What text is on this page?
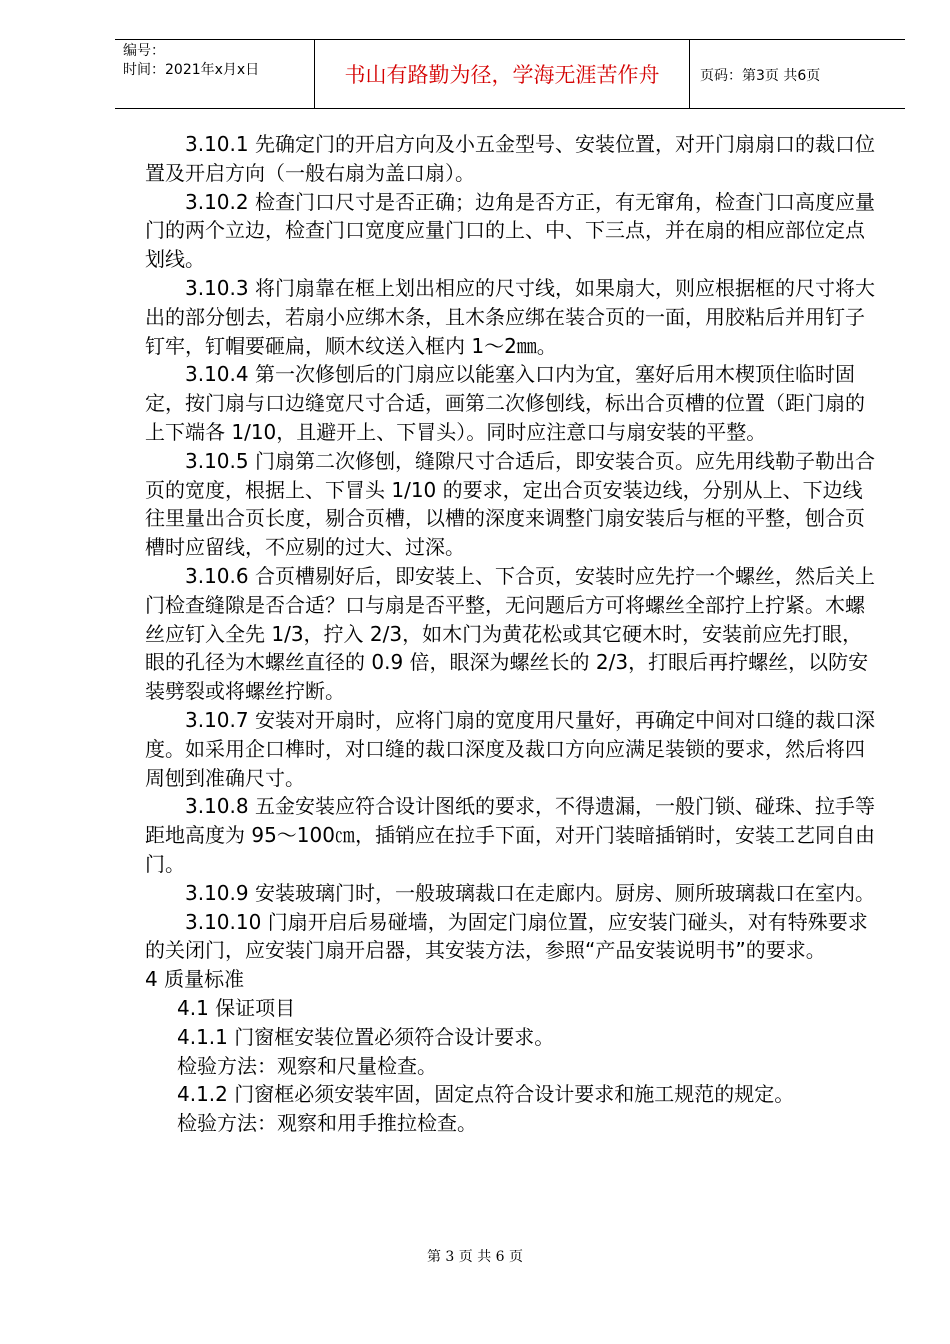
编号：
时间：2021年x月x日	书山有路勤为径，学海无涯苦作舟	页码：第3页 共6页

3.10.1 先确定门的开启方向及小五金型号、安装位置，对开门扇扇口的裁口位置及开启方向（一般右扇为盖口扇）。

3.10.2 检查门口尺寸是否正确；边角是否方正，有无窜角，检查门口高度应量门的两个立边，检查门口宽度应量门口的上、中、下三点，并在扇的相应部位定点划线。

3.10.3 将门扇靠在框上划出相应的尺寸线，如果扇大，则应根据框的尺寸将大出的部分刨去，若扇小应绑木条，且木条应绑在装合页的一面，用胶粘后并用钉子钉牢，钉帽要砸扁，顺木纹送入框内 1～2㎜。

3.10.4 第一次修刨后的门扇应以能塞入口内为宜，塞好后用木楔顶住临时固定，按门扇与口边缝宽尺寸合适，画第二次修刨线，标出合页槽的位置（距门扇的上下端各 1/10，且避开上、下冒头）。同时应注意口与扇安装的平整。

3.10.5 门扇第二次修刨，缝隙尺寸合适后，即安装合页。应先用线勒子勒出合页的宽度，根据上、下冒头 1/10 的要求，定出合页安装边线，分别从上、下边线往里量出合页长度，剔合页槽，以槽的深度来调整门扇安装后与框的平整，刨合页槽时应留线，不应剔的过大、过深。

3.10.6 合页槽剔好后，即安装上、下合页，安装时应先拧一个螺丝，然后关上门检查缝隙是否合适？口与扇是否平整，无问题后方可将螺丝全部拧上拧紧。木螺丝应钉入全先 1/3，拧入 2/3，如木门为黄花松或其它硬木时，安装前应先打眼，眼的孔径为木螺丝直径的 0.9 倍，眼深为螺丝长的 2/3，打眼后再拧螺丝，以防安装劈裂或将螺丝拧断。

3.10.7 安装对开扇时，应将门扇的宽度用尺量好，再确定中间对口缝的裁口深度。如采用企口榫时，对口缝的裁口深度及裁口方向应满足装锁的要求，然后将四周刨到准确尺寸。

3.10.8 五金安装应符合设计图纸的要求，不得遗漏，一般门锁、碰珠、拉手等距地高度为 95～100㎝，插销应在拉手下面，对开门装暗插销时，安装工艺同自由门。

3.10.9 安装玻璃门时，一般玻璃裁口在走廊内。厨房、厕所玻璃裁口在室内。

3.10.10 门扇开启后易碰墙，为固定门扇位置，应安装门碰头，对有特殊要求的关闭门，应安装门扇开启器，其安装方法，参照“产品安装说明书”的要求。

4 质量标准

4.1 保证项目

4.1.1 门窗框安装位置必须符合设计要求。

检验方法：观察和尺量检查。

4.1.2 门窗框必须安装牢固，固定点符合设计要求和施工规范的规定。

检验方法：观察和用手推拉检查。

第 3 页 共 6 页
